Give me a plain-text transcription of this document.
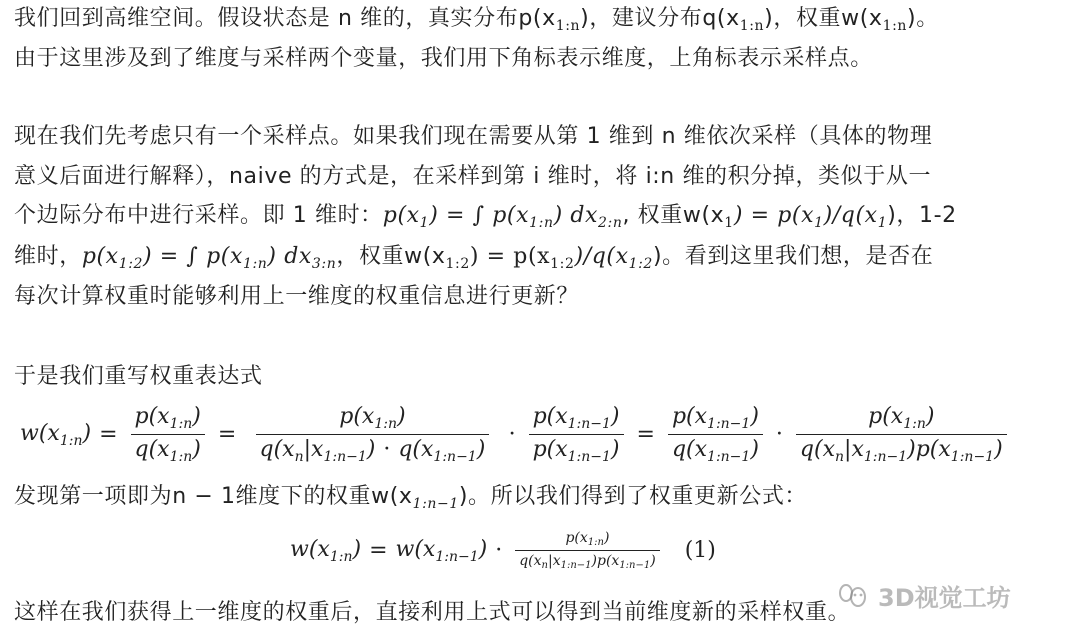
我们回到高维空间。假设状态是 n 维的，真实分布$p(x_{1:n})$，建议分布$q(x_{1:n})$，权重$w(x_{1:n})$。
由于这里涉及到了维度与采样两个变量，我们用下角标表示维度，上角标表示采样点。
现在我们先考虑只有一个采样点。如果我们现在需要从第 1 维到 n 维依次采样（具体的物理
意义后面进行解释），naive 的方式是，在采样到第 i 维时，将 i:n 维的积分掉，类似于从一
个边际分布中进行采样。即 1 维时：$p(x_1)$ = ∫ $p(x_{1:n})$ $dx_{2:n}$, 权重$w(x_1) = p(x_1)/q(x_1)$，1-2
维时，$p(x_{1:2})$ = ∫ $p(x_{1:n})$ $dx_{3:n}$，权重$w(x_{1:2}) = p(x_{1:2})/q(x_{1:2})$。看到这里我们想，是否在
每次计算权重时能够利用上一维度的权重信息进行更新？
于是我们重写权重表达式
$w(x_{1:n}) = \frac{p(x_{1:n})}{q(x_{1:n})} = \frac{p(x_{1:n})}{q(x_n|x_{1:n-1}) \cdot q(x_{1:n-1})} \cdot \frac{p(x_{1:n-1})}{p(x_{1:n-1})} = \frac{p(x_{1:n-1})}{q(x_{1:n-1})} \cdot \frac{p(x_{1:n})}{q(x_n|x_{1:n-1})p(x_{1:n-1})}$
发现第一项即为n − 1维度下的权重$w(x_{1:n-1})$。所以我们得到了权重更新公式：
$w(x_{1:n}) = w(x_{1:n-1}) \cdot \frac{p(x_{1:n})}{q(x_n|x_{1:n-1})p(x_{1:n-1})} (1)$
这样在我们获得上一维度的权重后，直接利用上式可以得到当前维度新的采样权重。
3D视觉工坊
